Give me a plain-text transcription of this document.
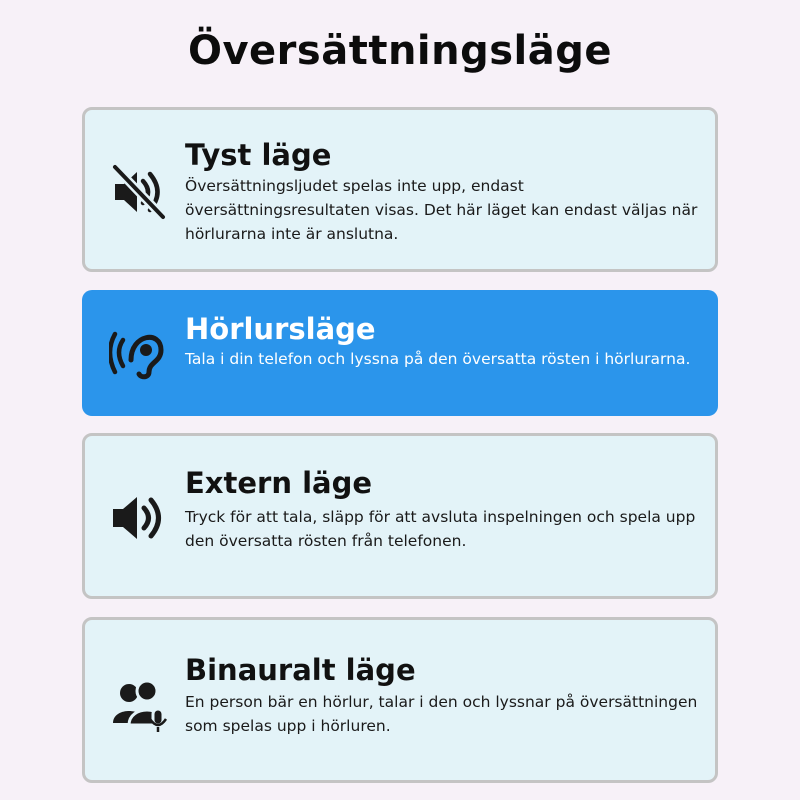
Översättningsläge
Tyst läge
Översättningsljudet spelas inte upp, endast översättningsresultaten visas. Det här läget kan endast väljas när hörlurarna inte är anslutna.
Hörlursläge
Tala i din telefon och lyssna på den översatta rösten i hörlurarna.
Extern läge
Tryck för att tala, släpp för att avsluta inspelningen och spela upp den översatta rösten från telefonen.
Binauralt läge
En person bär en hörlur, talar i den och lyssnar på översättningen som spelas upp i hörluren.
